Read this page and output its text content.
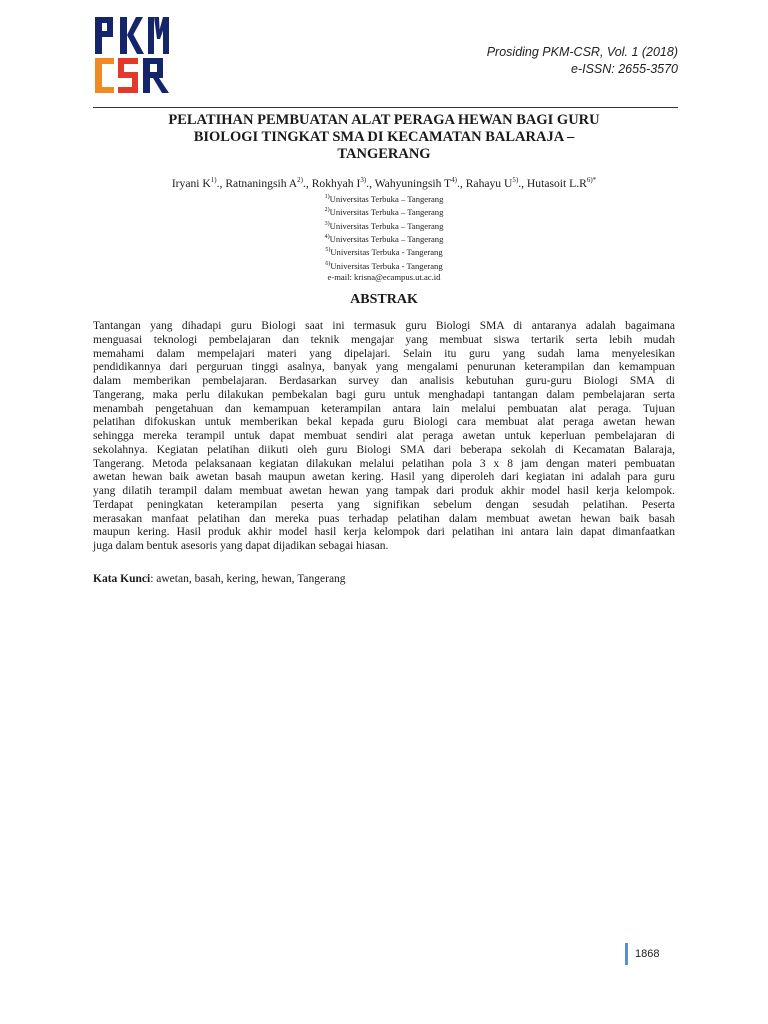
Prosiding PKM-CSR, Vol. 1 (2018)
e-ISSN: 2655-3570
PELATIHAN PEMBUATAN ALAT PERAGA HEWAN BAGI GURU
BIOLOGI TINGKAT SMA DI KECAMATAN BALARAJA –
TANGERANG
Iryani $K^{1)}$., Ratnaningsih $A^{2)}$., Rokhyah $I^{3)}$., Wahyuningsih $T^{4)}$., Rahayu $U^{5)}$., Hutasoit $L.R^{6)*}$
$^{1)}$Universitas Terbuka – Tangerang
$^{2)}$Universitas Terbuka – Tangerang
$^{3)}$Universitas Terbuka – Tangerang
$^{4)}$Universitas Terbuka – Tangerang
$^{5)}$Universitas Terbuka - Tangerang
$^{6)}$Universitas Terbuka - Tangerang
e-mail: krisna@ecampus.ut.ac.id
ABSTRAK
Tantangan yang dihadapi guru Biologi saat ini termasuk guru Biologi SMA di antaranya adalah bagaimana
menguasai teknologi pembelajaran dan teknik mengajar yang membuat siswa tertarik serta lebih mudah
memahami dalam mempelajari materi yang dipelajari. Selain itu guru yang sudah lama menyelesikan
pendidikannya dari perguruan tinggi asalnya, banyak yang mengalami penurunan keterampilan dan kemampuan
dalam memberikan pembelajaran. Berdasarkan survey dan analisis kebutuhan guru-guru Biologi SMA di
Tangerang, maka perlu dilakukan pembekalan bagi guru untuk menghadapi tantangan dalam pembelajaran serta
menambah pengetahuan dan kemampuan keterampilan antara lain melalui pembuatan alat peraga. Tujuan
pelatihan difokuskan untuk memberikan bekal kepada guru Biologi cara membuat alat peraga awetan hewan
sehingga mereka terampil untuk dapat membuat sendiri alat peraga awetan untuk keperluan pembelajaran di
sekolahnya. Kegiatan pelatihan diikuti oleh guru Biologi SMA dari beberapa sekolah di Kecamatan Balaraja,
Tangerang. Metoda pelaksanaan kegiatan dilakukan melalui pelatihan pola 3 x 8 jam dengan materi pembuatan
awetan hewan baik awetan basah maupun awetan kering. Hasil yang diperoleh dari kegiatan ini adalah para guru
yang dilatih terampil dalam membuat awetan hewan yang tampak dari produk akhir model hasil kerja kelompok.
Terdapat peningkatan keterampilan peserta yang signifikan sebelum dengan sesudah pelatihan. Peserta
merasakan manfaat pelatihan dan mereka puas terhadap pelatihan dalam membuat awetan hewan baik basah
maupun kering. Hasil produk akhir model hasil kerja kelompok dari pelatihan ini antara lain dapat dimanfaatkan
juga dalam bentuk asesoris yang dapat dijadikan sebagai hiasan.
Kata Kunci: awetan, basah, kering, hewan, Tangerang
1868
